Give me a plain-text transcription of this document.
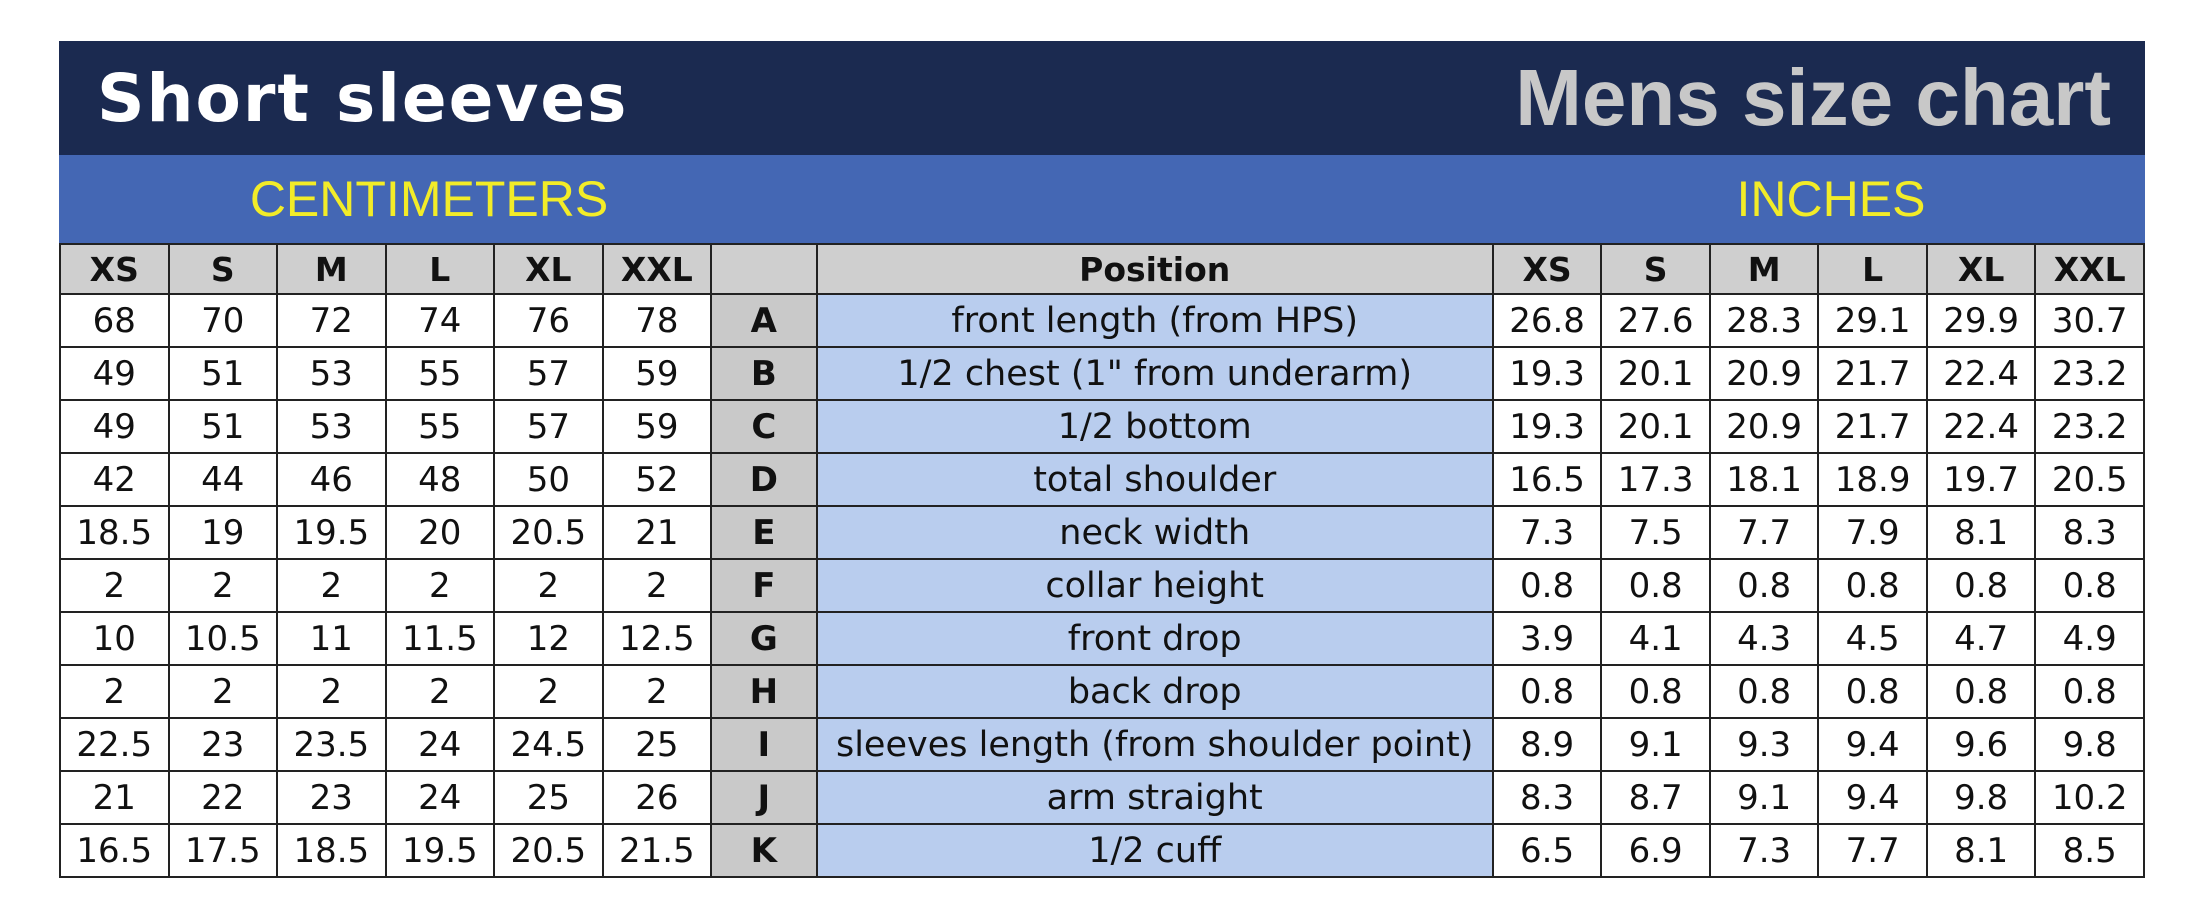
Short sleeves	Mens size chart
CENTIMETERS	INCHES
XS	S	M	L	XL	XXL		Position	XS	S	M	L	XL	XXL
68	70	72	74	76	78	A	front length (from HPS)	26.8	27.6	28.3	29.1	29.9	30.7
49	51	53	55	57	59	B	1/2 chest (1" from underarm)	19.3	20.1	20.9	21.7	22.4	23.2
49	51	53	55	57	59	C	1/2 bottom	19.3	20.1	20.9	21.7	22.4	23.2
42	44	46	48	50	52	D	total shoulder	16.5	17.3	18.1	18.9	19.7	20.5
18.5	19	19.5	20	20.5	21	E	neck width	7.3	7.5	7.7	7.9	8.1	8.3
2	2	2	2	2	2	F	collar height	0.8	0.8	0.8	0.8	0.8	0.8
10	10.5	11	11.5	12	12.5	G	front drop	3.9	4.1	4.3	4.5	4.7	4.9
2	2	2	2	2	2	H	back drop	0.8	0.8	0.8	0.8	0.8	0.8
22.5	23	23.5	24	24.5	25	I	sleeves length (from shoulder point)	8.9	9.1	9.3	9.4	9.6	9.8
21	22	23	24	25	26	J	arm straight	8.3	8.7	9.1	9.4	9.8	10.2
16.5	17.5	18.5	19.5	20.5	21.5	K	1/2 cuff	6.5	6.9	7.3	7.7	8.1	8.5
